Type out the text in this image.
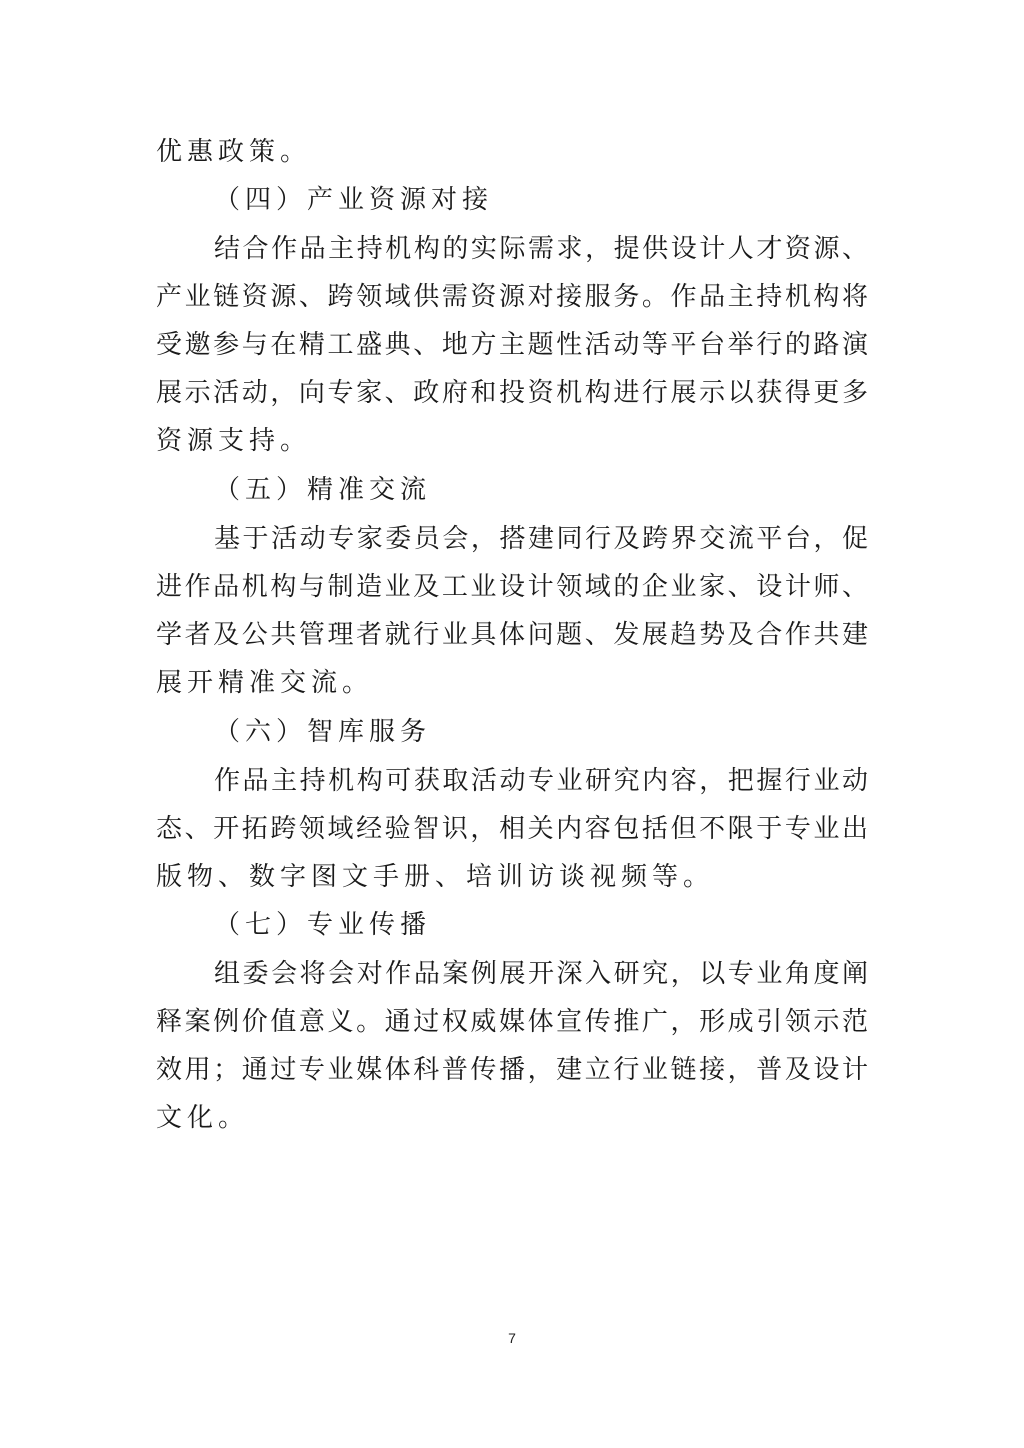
优惠政策。
（四）产业资源对接
结合作品主持机构的实际需求，提供设计人才资源、
产业链资源、跨领域供需资源对接服务。作品主持机构将
受邀参与在精工盛典、地方主题性活动等平台举行的路演
展示活动，向专家、政府和投资机构进行展示以获得更多
资源支持。
（五）精准交流
基于活动专家委员会，搭建同行及跨界交流平台，促
进作品机构与制造业及工业设计领域的企业家、设计师、
学者及公共管理者就行业具体问题、发展趋势及合作共建
展开精准交流。
（六）智库服务
作品主持机构可获取活动专业研究内容，把握行业动
态、开拓跨领域经验智识，相关内容包括但不限于专业出
版物、数字图文手册、培训访谈视频等。
（七）专业传播
组委会将会对作品案例展开深入研究，以专业角度阐
释案例价值意义。通过权威媒体宣传推广，形成引领示范
效用；通过专业媒体科普传播，建立行业链接，普及设计
文化。
7
